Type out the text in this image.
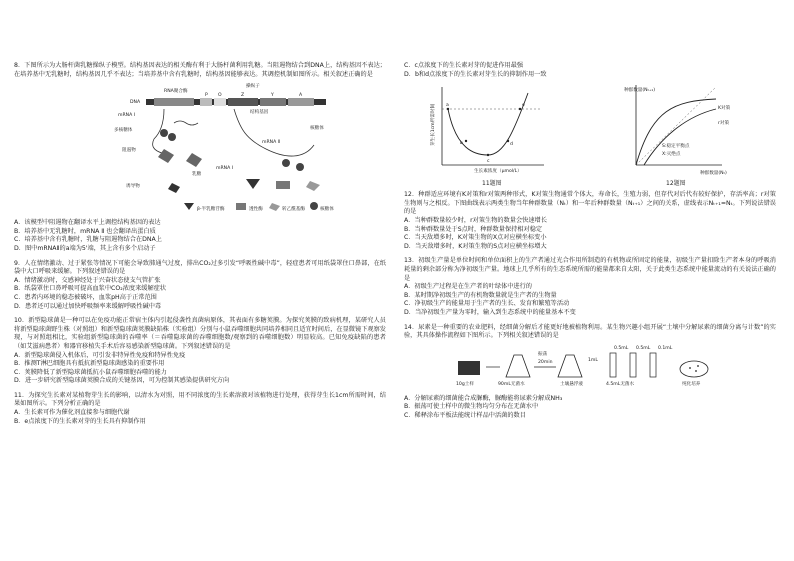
8．下图所示为大肠杆菌乳糖操纵子模型。结构基因表达的相关酶有利于大肠杆菌利用乳糖。当阻遏物结合到DNA上，结构基因不表达；在培养基中无乳糖时，结构基因几乎不表达；当培养基中含有乳糖时，结构基因能够表达。其调控机制如图所示。相关叙述正确的是

操纵子
RNA聚合酶
P O	Z	Y	A
结构基因
DNA
mRNA Ⅰ
多核糖体
阻遏物
诱导物
乳糖
mRNA Ⅰ
mRNA Ⅱ
核糖体
β-半乳糖苷酶	透性酶	转乙酰基酶	核糖体
A．该模型中阻遏物在翻译水平上调控结构基因的表达
B．培养基中无乳糖时，mRNA Ⅱ 也会翻译出蛋白质
C．培养基中含有乳糖时，乳糖与阻遏物结合在DNA上
D．图中mRNAⅡ的a端为5'端，其上含有多个启动子

9．人在情绪激动、过于紧张等情况下可能会导致肺通气过度，排出CO₂过多引发“呼吸性碱中毒”，轻症患者可用纸袋罩住口鼻部，在纸袋中大口呼吸来缓解。下列叙述错误的是

A．情绪激动时，交感神经处于兴奋状态使支气管扩张
B．纸袋罩住口鼻呼吸可提高血浆中CO₂浓度来缓解症状
C．患者内环境的稳态被破坏，血浆pH高于正常范围
D．患者还可以通过加快呼吸频率来缓解呼吸性碱中毒

10．新型隐球菌是一种可以在免疫功能正常宿主体内引起侵袭性真菌病原体，其表面有多糖荚膜。为探究荚膜的致病机理，某研究人员将新型隐球菌野生株（对照组）和新型隐球菌荚膜缺陷株（实验组）分别与小鼠吞噬细胞共同培养相同且适宜时间后，在显微镜下观察发现，与对照组相比，实验组新型隐球菌的吞噬率（＝吞噬隐球菌的吞噬细胞数/观察到的吞噬细胞数）明显较高。已知免疫缺陷的患者（如艾滋病患者）和器官移植失手术后容易感染新型隐球菌。下列叙述错误的是

A．新型隐球菌侵入机体后，可引发非特异性免疫和特异性免疫
B．推测T淋巴细胞具有抵抗新型隐球菌感染的重要作用
C．荚膜降低了新型隐球菌抵抗小鼠吞噬细胞吞噬的能力
D．进一步研究新型隐球菌荚膜合成的关键基因，可为控制其感染提供研究方向

11．为探究生长素对某植物芽生长的影响，以清水为对照，用不同浓度的生长素溶液对该植物进行处理，获得芽生长1cm所需时间，结果如图所示。下列分析正确的是

A．生长素可作为催化剂直接参与细胞代谢
B．e点浓度下的生长素对芽的生长具有抑制作用
C．c点浓度下的生长素对芽的促进作用最强
D．b和d点浓度下的生长素对芽生长的抑制作用一致
芽生长1cm所需时间 a
b
c
d
e
生长素浓度（μmol/L）
11题图
种群数量(Nₜ₊₁)
K对策
r对策
S:稳定平衡点
X:灭绝点
种群数量(Nₜ)
12题图

12．种群适应环境有K对策和r对策两种形式，K对策生物通常个体大，寿命长，生殖力弱，但存代对后代有较好保护，存活率高；r对策生物则与之相反。下图曲线表示两类生物当年种群数量（Nₜ）和一年后种群数量（Nₜ₊₁）之间的关系，虚线表示Nₜ₊₁=Nₜ。下列说法错误的是

A．当种群数量较少时，r对策生物的数量会快速增长
B．当种群数量处于S点时，种群数量保持相对稳定
C．当天敌增多时，K对策生物的X点对应横坐标变小
D．当天敌增多时，K对策生物的S点对应横坐标增大

13．初级生产量是单位时间和单位面积上的生产者通过光合作用所制造的有机物或所固定的能量，初级生产量扣除生产者本身的呼吸消耗量的剩余部分称为净初级生产量。地球上几乎所有的生态系统所需的能量都来自太阳，关于此类生态系统中能量流动的有关说法正确的是

A．初级生产过程是在生产者的叶绿体中进行的
B．某时期净初级生产的有机物数量就是生产者的生物量
C．净初级生产的能量用于生产者的生长、发育和繁殖等活动
D．当净初级生产量为零时，输入到生态系统中的能量基本不变

14．尿素是一种重要的农业肥料，经细菌分解后才能更好地被植物利用。某生物兴趣小组开展“土壤中分解尿素的细菌分离与计数”的实验，其具体操作流程如下图所示。下列相关叙述错误的是

10g土样	90mL无菌水
振荡
20min
土壤悬浮液
1mL
0.5mL 0.5mL 0.1mL
4.5mL无菌水	纯化培养
A．分解尿素的细菌能合成脲酶，脲酶能将尿素分解成NH₃
B．振荡可使土样中的微生物均匀分布在无菌水中
C．稀释涂布平板法能统计样品中活菌的数目
